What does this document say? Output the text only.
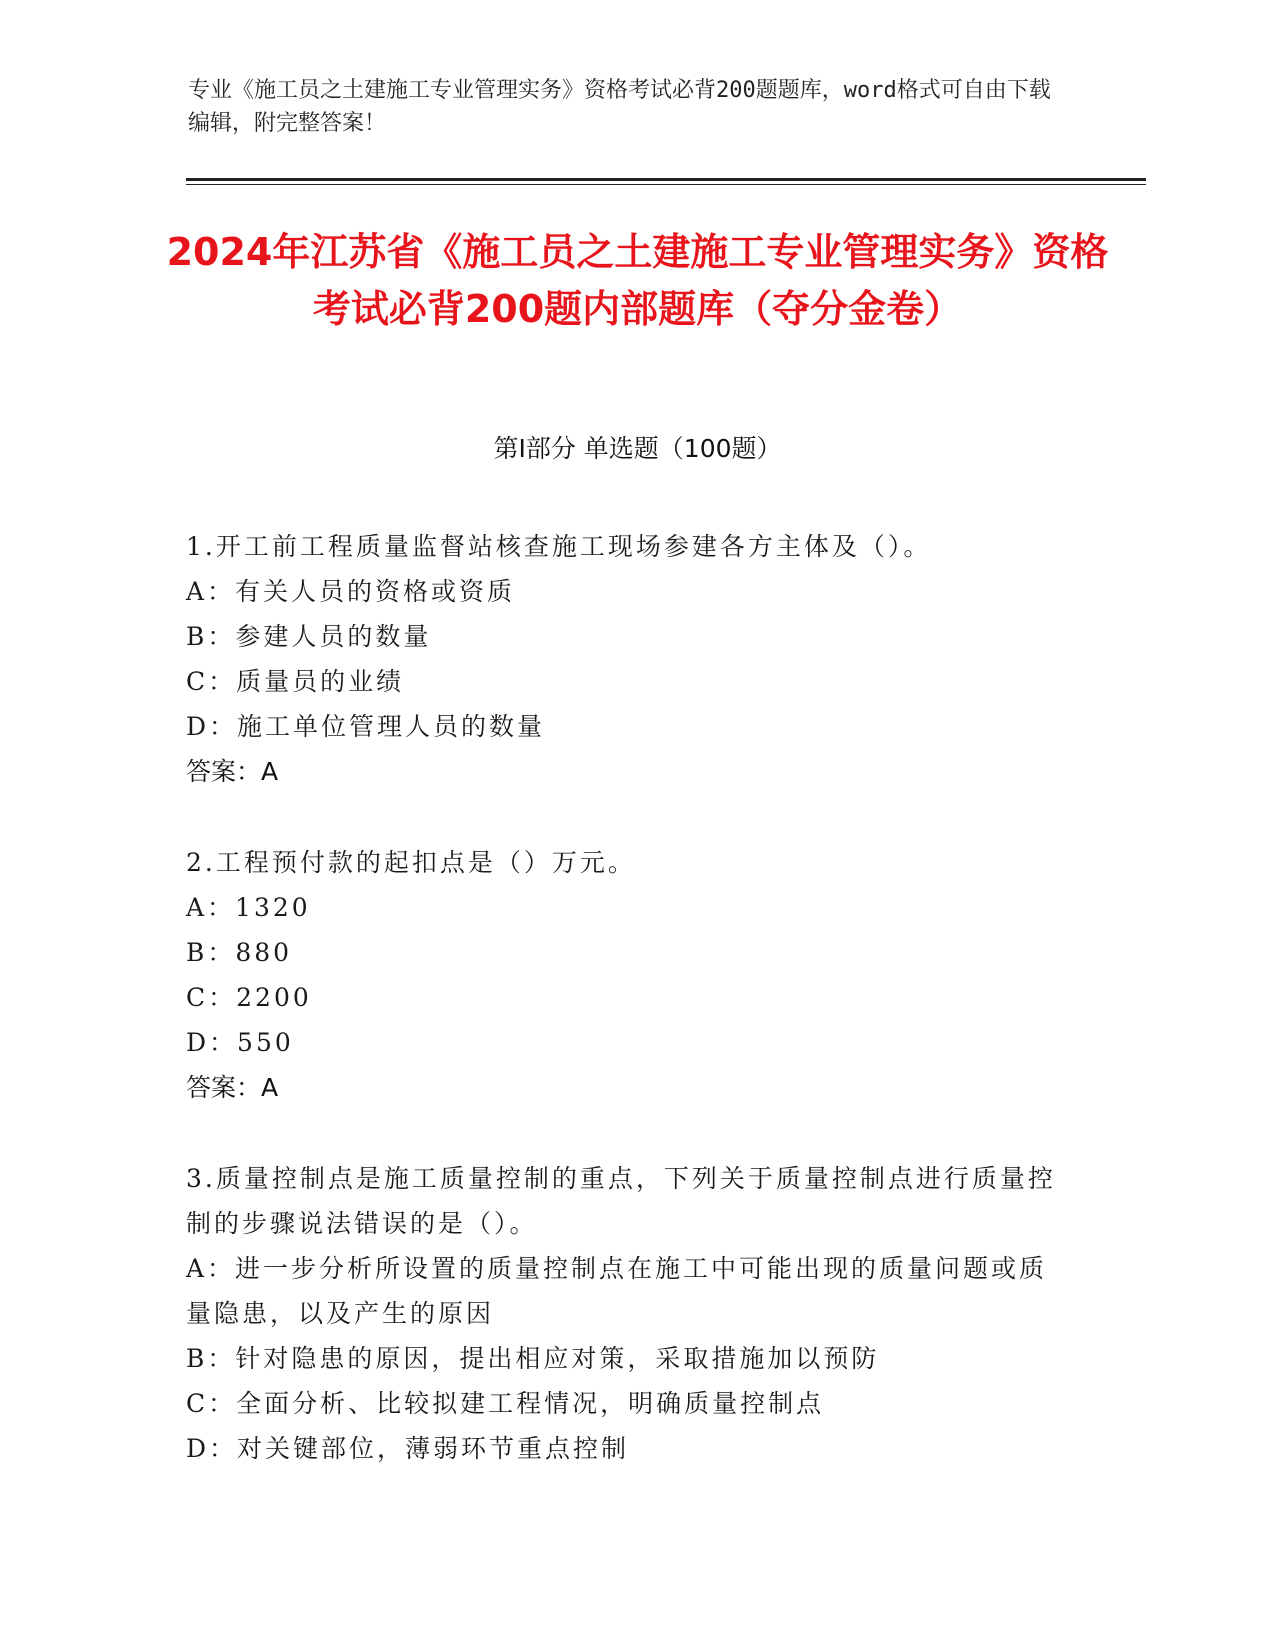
专业《施工员之土建施工专业管理实务》资格考试必背200题题库，word格式可自由下载编辑，附完整答案！
2024年江苏省《施工员之土建施工专业管理实务》资格考试必背200题内部题库（夺分金卷）
第Ⅰ部分 单选题（100题）
1.开工前工程质量监督站核查施工现场参建各方主体及（）。
A：有关人员的资格或资质
B：参建人员的数量
C：质量员的业绩
D：施工单位管理人员的数量
答案：A
2.工程预付款的起扣点是（）万元。
A：1320
B：880
C：2200
D：550
答案：A
3.质量控制点是施工质量控制的重点，下列关于质量控制点进行质量控制的步骤说法错误的是（）。
A：进一步分析所设置的质量控制点在施工中可能出现的质量问题或质量隐患，以及产生的原因
B：针对隐患的原因，提出相应对策，采取措施加以预防
C：全面分析、比较拟建工程情况，明确质量控制点
D：对关键部位，薄弱环节重点控制
